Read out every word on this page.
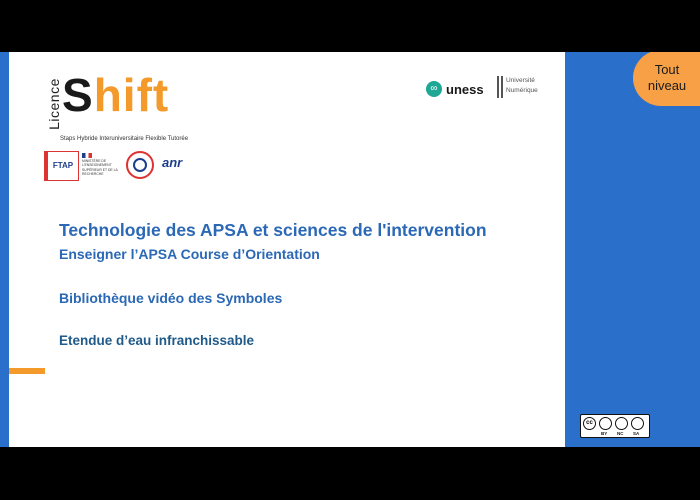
Tout
niveau
Licence Shift
Staps Hybride Interuniversitaire Flexible Tutorée
FTAP	MINISTÈRE DE L'ENSEIGNEMENT SUPÉRIEUR ET DE LA RECHERCHE
anr
∞ uness
Université
Numérique
Technologie des APSA et sciences de l'intervention
Enseigner l’APSA Course d’Orientation
Bibliothèque vidéo des Symboles
Etendue d’eau infranchissable
cc
BY NC SA
